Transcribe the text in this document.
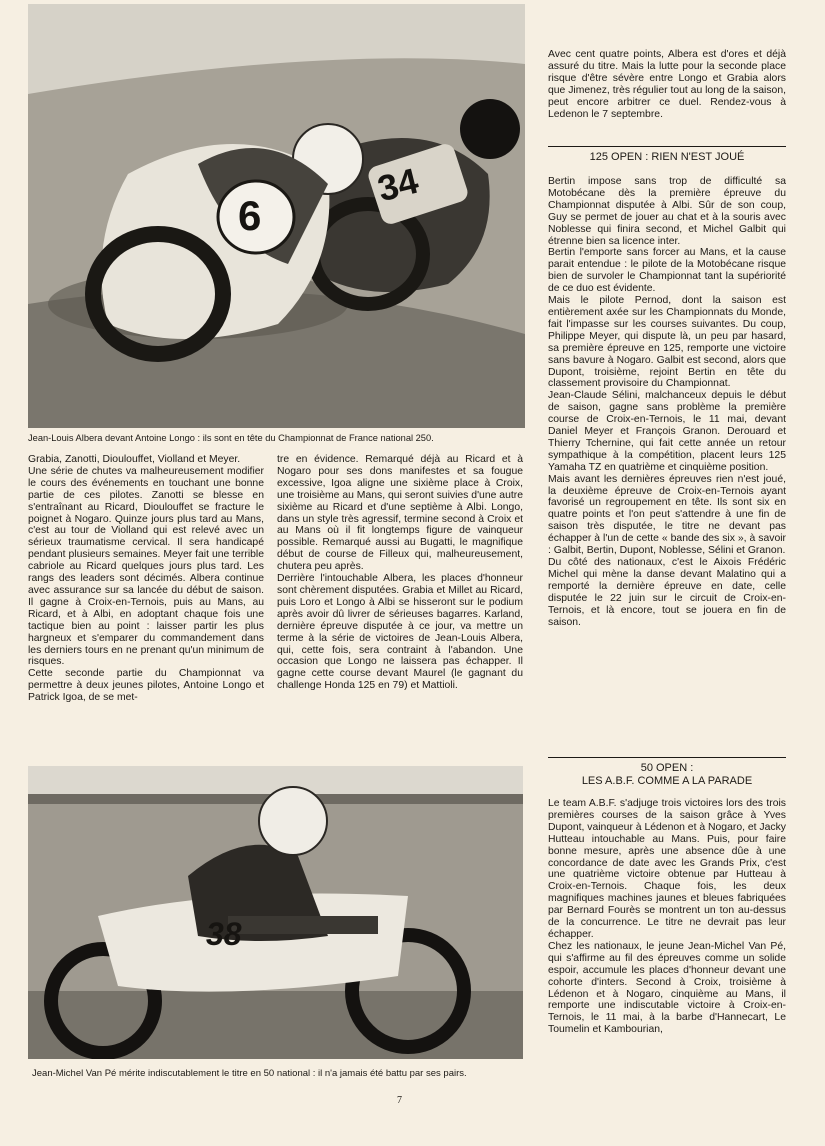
6
34
Jean-Louis Albera devant Antoine Longo : ils sont en tête du Championnat de France national 250.

Grabia, Zanotti, Dioulouffet, Violland et Meyer.

Une série de chutes va malheureusement modifier le cours des événements en touchant une bonne partie de ces pilotes. Zanotti se blesse en s'entraînant au Ricard, Dioulouffet se fracture le poignet à Nogaro. Quinze jours plus tard au Mans, c'est au tour de Violland qui est relevé avec un sérieux traumatisme cervical. Il sera handicapé pendant plusieurs semaines. Meyer fait une terrible cabriole au Ricard quelques jours plus tard. Les rangs des leaders sont décimés. Albera continue avec assurance sur sa lancée du début de saison. Il gagne à Croix-en-Ternois, puis au Mans, au Ricard, et à Albi, en adoptant chaque fois une tactique bien au point : laisser partir les plus hargneux et s'emparer du commandement dans les derniers tours en ne prenant qu'un minimum de risques.

Cette seconde partie du Championnat va permettre à deux jeunes pilotes, Antoine Longo et Patrick Igoa, de se met-

tre en évidence. Remarqué déjà au Ricard et à Nogaro pour ses dons manifestes et sa fougue excessive, Igoa aligne une sixième place à Croix, une troisième au Mans, qui seront suivies d'une autre sixième au Ricard et d'une septième à Albi. Longo, dans un style très agressif, termine second à Croix et au Mans où il fit longtemps figure de vainqueur possible. Remarqué aussi au Bugatti, le magnifique début de course de Filleux qui, malheureusement, chutera peu après.

Derrière l'intouchable Albera, les places d'honneur sont chèrement disputées. Grabia et Millet au Ricard, puis Loro et Longo à Albi se hisseront sur le podium après avoir dû livrer de sérieuses bagarres. Karland, dernière épreuve disputée à ce jour, va mettre un terme à la série de victoires de Jean-Louis Albera, qui, cette fois, sera contraint à l'abandon. Une occasion que Longo ne laissera pas échapper. Il gagne cette course devant Maurel (le gagnant du challenge Honda 125 en 79) et Mattioli.

38
Jean-Michel Van Pé mérite indiscutablement le titre en 50 national : il n'a jamais été battu par ses pairs.

Avec cent quatre points, Albera est d'ores et déjà assuré du titre. Mais la lutte pour la seconde place risque d'être sévère entre Longo et Grabia alors que Jimenez, très régulier tout au long de la saison, peut encore arbitrer ce duel. Rendez-vous à Ledenon le 7 septembre.

125 OPEN : RIEN N'EST JOUÉ

Bertin impose sans trop de difficulté sa Motobécane dès la première épreuve du Championnat disputée à Albi. Sûr de son coup, Guy se permet de jouer au chat et à la souris avec Noblesse qui finira second, et Michel Galbit qui étrenne bien sa licence inter.

Bertin l'emporte sans forcer au Mans, et la cause parait entendue : le pilote de la Motobécane risque bien de survoler le Championnat tant la supériorité de ce duo est évidente.

Mais le pilote Pernod, dont la saison est entièrement axée sur les Championnats du Monde, fait l'impasse sur les courses suivantes. Du coup, Philippe Meyer, qui dispute là, un peu par hasard, sa première épreuve en 125, remporte une victoire sans bavure à Nogaro. Galbit est second, alors que Dupont, troisième, rejoint Bertin en tête du classement provisoire du Championnat.

Jean-Claude Sélini, malchanceux depuis le début de saison, gagne sans problème la première course de Croix-en-Ternois, le 11 mai, devant Daniel Meyer et François Granon. Derouard et Thierry Tchernine, qui fait cette année un retour sympathique à la compétition, placent leurs 125 Yamaha TZ en quatrième et cinquième position.

Mais avant les dernières épreuves rien n'est joué, la deuxième épreuve de Croix-en-Ternois ayant favorisé un regroupement en tête. Ils sont six en quatre points et l'on peut s'attendre à une fin de saison très disputée, le titre ne devant pas échapper à l'un de cette « bande des six », à savoir : Galbit, Bertin, Dupont, Noblesse, Sélini et Granon.

Du côté des nationaux, c'est le Aixois Frédéric Michel qui mène la danse devant Malatino qui a remporté la dernière épreuve en date, celle disputée le 22 juin sur le circuit de Croix-en-Ternois, et là encore, tout se jouera en fin de saison.

50 OPEN :
LES A.B.F. COMME A LA PARADE

Le team A.B.F. s'adjuge trois victoires lors des trois premières courses de la saison grâce à Yves Dupont, vainqueur à Lédenon et à Nogaro, et Jacky Hutteau intouchable au Mans. Puis, pour faire bonne mesure, après une absence dûe à une concordance de date avec les Grands Prix, c'est une quatrième victoire obtenue par Hutteau à Croix-en-Ternois. Chaque fois, les deux magnifiques machines jaunes et bleues fabriquées par Bernard Fourès se montrent un ton au-dessus de la concurrence. Le titre ne devrait pas leur échapper.

Chez les nationaux, le jeune Jean-Michel Van Pé, qui s'affirme au fil des épreuves comme un solide espoir, accumule les places d'honneur devant une cohorte d'inters. Second à Croix, troisième à Lédenon et à Nogaro, cinquième au Mans, il remporte une indiscutable victoire à Croix-en-Ternois, le 11 mai, à la barbe d'Hannecart, Le Toumelin et Kambourian,

7
